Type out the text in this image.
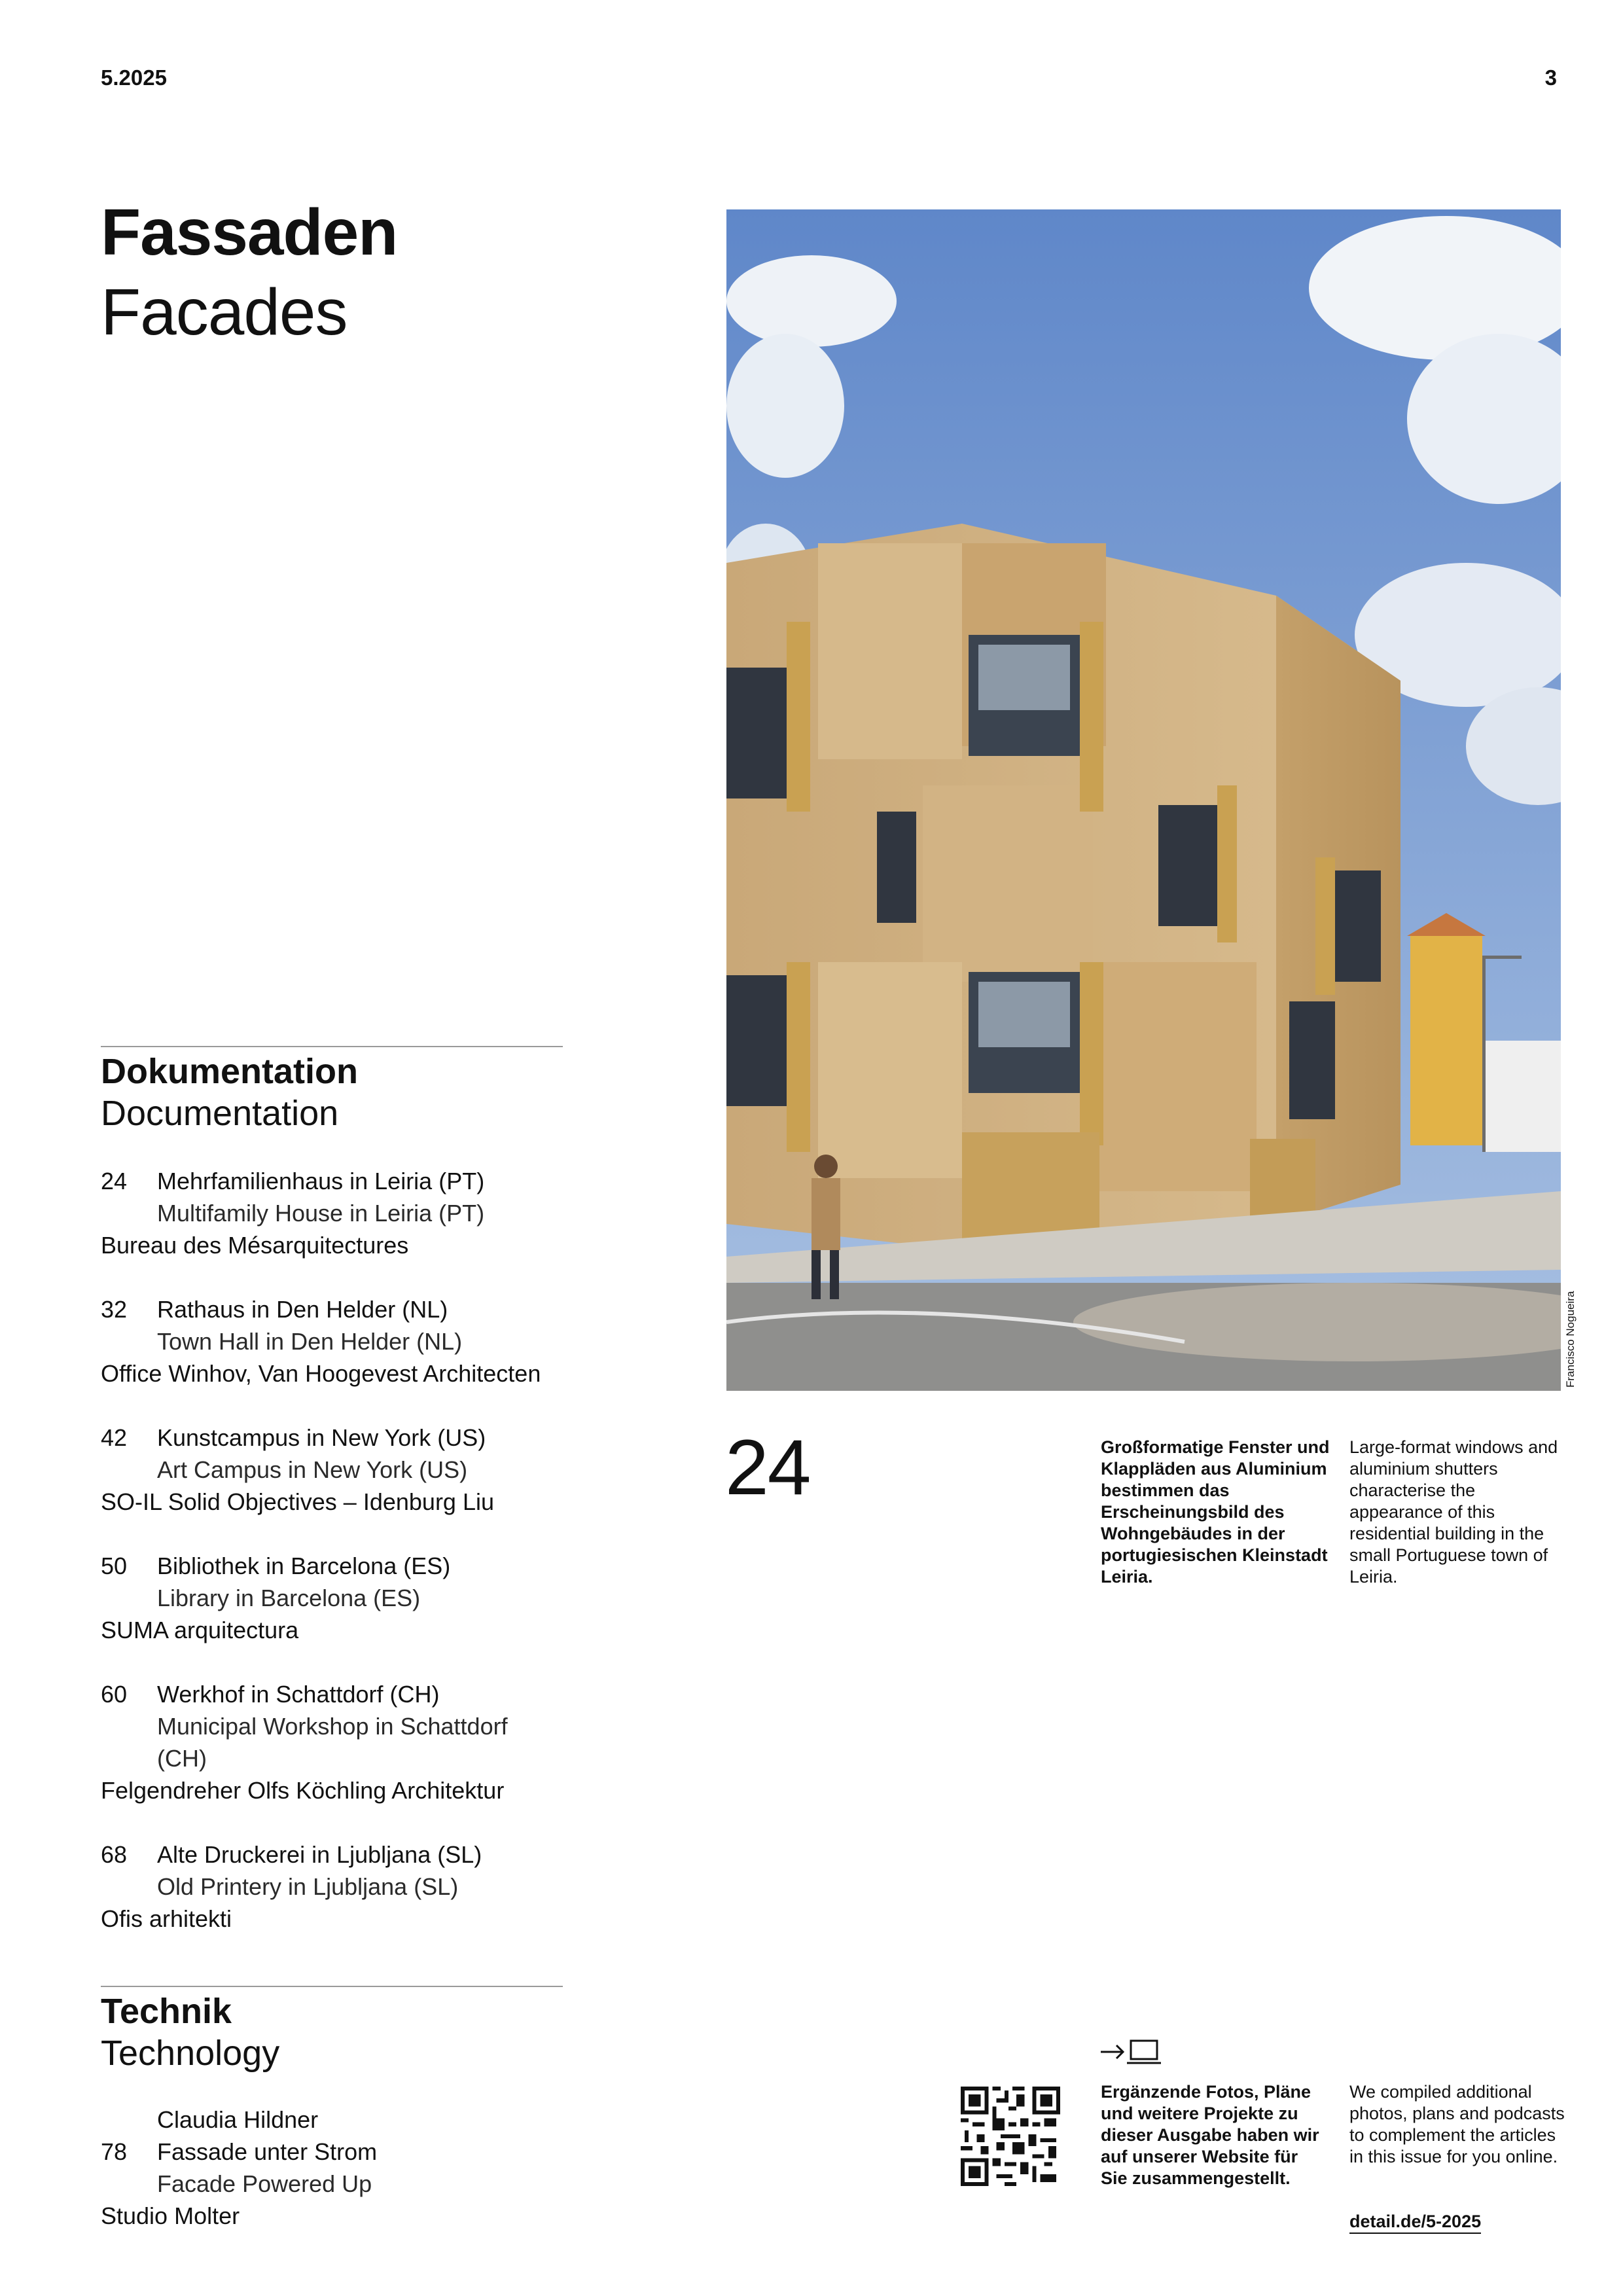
5.2025	3
Fassaden
Facades
Dokumentation
Documentation
24	Mehrfamilienhaus in Leiria (PT)
Multifamily House in Leiria (PT)
Bureau des Mésarquitectures
32	Rathaus in Den Helder (NL)
Town Hall in Den Helder (NL)
Office Winhov, Van Hoogevest Architecten
42	Kunstcampus in New York (US)
Art Campus in New York (US)
SO-IL Solid Objectives – Idenburg Liu
50	Bibliothek in Barcelona (ES)
Library in Barcelona (ES)
SUMA arquitectura
60	Werkhof in Schattdorf (CH)
Municipal Workshop in Schattdorf (CH)
Felgendreher Olfs Köchling Architektur
68	Alte Druckerei in Ljubljana (SL)
Old Printery in Ljubljana (SL)
Ofis arhitekti
Technik
Technology
Claudia Hildner
78	Fassade unter Strom
Facade Powered Up
Studio Molter
Francisco Nogueira
24	Großformatige Fenster und Klappläden aus Aluminium bestimmen das Erscheinungsbild des Wohngebäudes in der portugiesischen Kleinstadt Leiria.
Large-format windows and aluminium shutters characterise the appearance of this residential building in the small Portuguese town of Leiria.
Ergänzende Fotos, Pläne und weitere Projekte zu dieser Ausgabe haben wir auf unserer Website für Sie zusammengestellt.
We compiled additional photos, plans and podcasts to complement the articles in this issue for you online.
detail.de/5-2025
